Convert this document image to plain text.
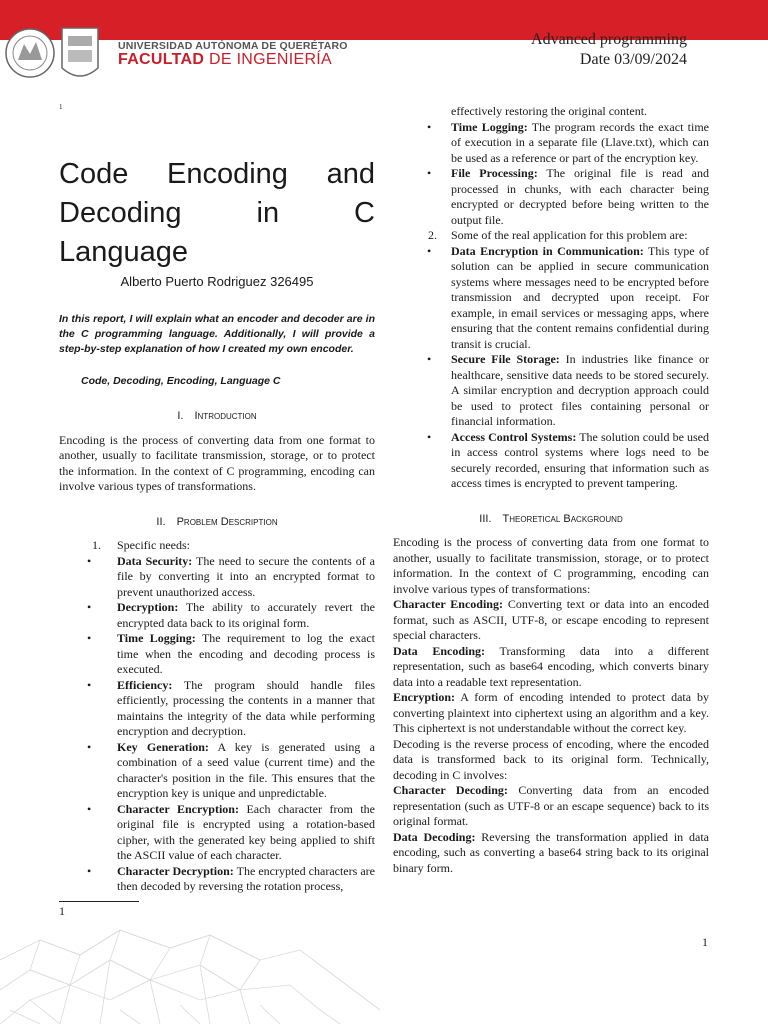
UNIVERSIDAD AUTÓNOMA DE QUERÉTARO
FACULTAD DE INGENIERÍA
Advanced programming
Date 03/09/2024
1
Code Encoding and
Decoding	in	C
Language
Alberto Puerto Rodriguez 326495
In this report, I will explain what an encoder and decoder are in the C programming language. Additionally, I will provide a step-by-step explanation of how I created my own encoder.
Code, Decoding, Encoding, Language C
I. Introduction

Encoding is the process of converting data from one format to another, usually to facilitate transmission, storage, or to protect the information. In the context of C programming, encoding can involve various types of transformations.

II. Problem Description
1. Specific needs:
• Data Security: The need to secure the contents of a file by converting it into an encrypted format to prevent unauthorized access.
• Decryption: The ability to accurately revert the encrypted data back to its original form.
• Time Logging: The requirement to log the exact time when the encoding and decoding process is executed.
• Efficiency: The program should handle files efficiently, processing the contents in a manner that maintains the integrity of the data while performing encryption and decryption.
• Key Generation: A key is generated using a combination of a seed value (current time) and the character's position in the file. This ensures that the encryption key is unique and unpredictable.
• Character Encryption: Each character from the original file is encrypted using a rotation-based cipher, with the generated key being applied to shift the ASCII value of each character.
• Character Decryption: The encrypted characters are then decoded by reversing the rotation process,
effectively restoring the original content.
• Time Logging: The program records the exact time of execution in a separate file (Llave.txt), which can be used as a reference or part of the encryption key.
• File Processing: The original file is read and processed in chunks, with each character being encrypted or decrypted before being written to the output file.
2. Some of the real application for this problem are:
• Data Encryption in Communication: This type of solution can be applied in secure communication systems where messages need to be encrypted before transmission and decrypted upon receipt. For example, in email services or messaging apps, where ensuring that the content remains confidential during transit is crucial.
• Secure File Storage: In industries like finance or healthcare, sensitive data needs to be stored securely. A similar encryption and decryption approach could be used to protect files containing personal or financial information.
• Access Control Systems: The solution could be used in access control systems where logs need to be securely recorded, ensuring that information such as access times is encrypted to prevent tampering.
III. Theoretical Background

Encoding is the process of converting data from one format to another, usually to facilitate transmission, storage, or to protect information. In the context of C programming, encoding can involve various types of transformations:

Character Encoding: Converting text or data into an encoded format, such as ASCII, UTF-8, or escape encoding to represent special characters.
Data Encoding: Transforming data into a different representation, such as base64 encoding, which converts binary data into a readable text representation.
Encryption: A form of encoding intended to protect data by converting plaintext into ciphertext using an algorithm and a key. This ciphertext is not understandable without the correct key.

Decoding is the reverse process of encoding, where the encoded data is transformed back to its original form. Technically, decoding in C involves:

Character Decoding: Converting data from an encoded representation (such as UTF-8 or an escape sequence) back to its original format.
Data Decoding: Reversing the transformation applied in data encoding, such as converting a base64 string back to its original binary form.
1
1
